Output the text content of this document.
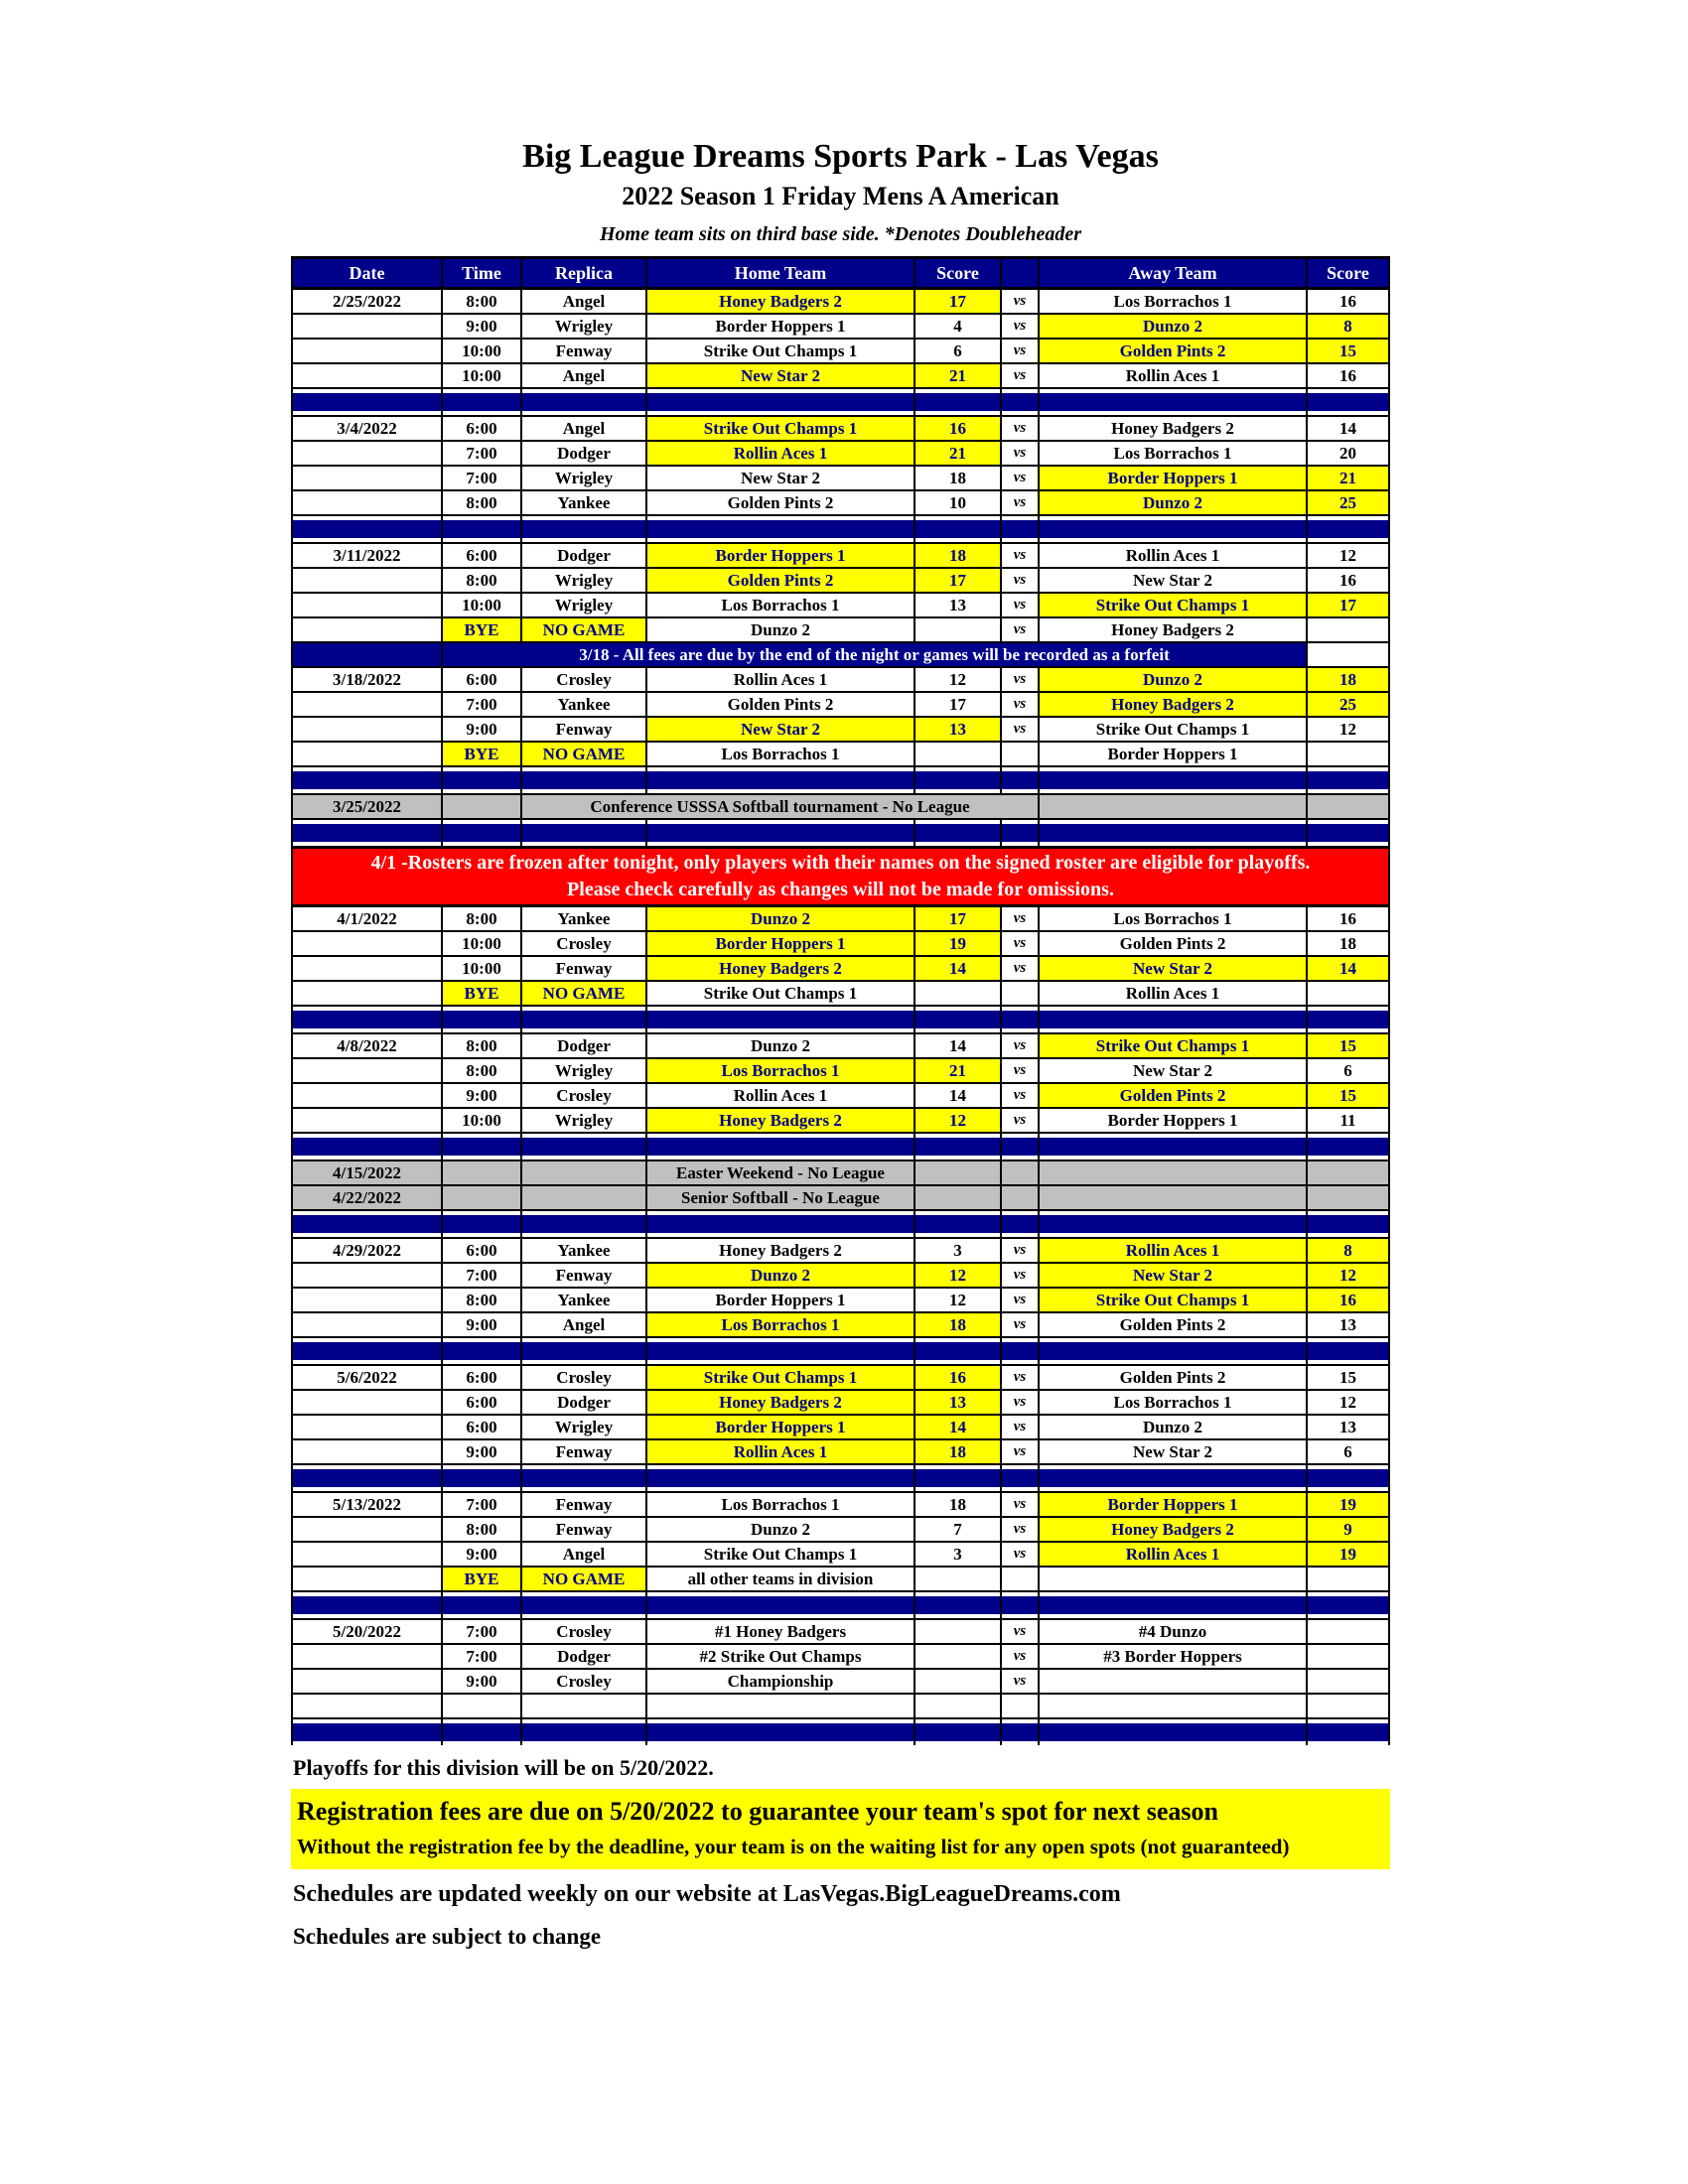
Big League Dreams Sports Park - Las Vegas
2022 Season 1 Friday Mens A American
Home team sits on third base side. *Denotes Doubleheader
Date	Time	Replica	Home Team	Score		Away Team	Score
2/25/2022	8:00	Angel	Honey Badgers 2	17	vs	Los Borrachos 1	16
	9:00	Wrigley	Border Hoppers 1	4	vs	Dunzo 2	8
	10:00	Fenway	Strike Out Champs 1	6	vs	Golden Pints 2	15
	10:00	Angel	New Star 2	21	vs	Rollin Aces 1	16

3/4/2022	6:00	Angel	Strike Out Champs 1	16	vs	Honey Badgers 2	14
	7:00	Dodger	Rollin Aces 1	21	vs	Los Borrachos 1	20
	7:00	Wrigley	New Star 2	18	vs	Border Hoppers 1	21
	8:00	Yankee	Golden Pints 2	10	vs	Dunzo 2	25

3/11/2022	6:00	Dodger	Border Hoppers 1	18	vs	Rollin Aces 1	12
	8:00	Wrigley	Golden Pints 2	17	vs	New Star 2	16
	10:00	Wrigley	Los Borrachos 1	13	vs	Strike Out Champs 1	17
	BYE	NO GAME	Dunzo 2		vs	Honey Badgers 2	
	3/18 - All fees are due by the end of the night or games will be recorded as a forfeit						
3/18/2022	6:00	Crosley	Rollin Aces 1	12	vs	Dunzo 2	18
	7:00	Yankee	Golden Pints 2	17	vs	Honey Badgers 2	25
	9:00	Fenway	New Star 2	13	vs	Strike Out Champs 1	12
	BYE	NO GAME	Los Borrachos 1			Border Hoppers 1	

3/25/2022		Conference USSSA Softball tournament - No League					

4/1 -Rosters are frozen after tonight, only players with their names on the signed roster are eligible for playoffs.
Please check carefully as changes will not be made for omissions.							

4/1/2022	8:00	Yankee	Dunzo 2	17	vs	Los Borrachos 1	16
	10:00	Crosley	Border Hoppers 1	19	vs	Golden Pints 2	18
	10:00	Fenway	Honey Badgers 2	14	vs	New Star 2	14
	BYE	NO GAME	Strike Out Champs 1			Rollin Aces 1	

4/8/2022	8:00	Dodger	Dunzo 2	14	vs	Strike Out Champs 1	15
	8:00	Wrigley	Los Borrachos 1	21	vs	New Star 2	6
	9:00	Crosley	Rollin Aces 1	14	vs	Golden Pints 2	15
	10:00	Wrigley	Honey Badgers 2	12	vs	Border Hoppers 1	11

4/15/2022			Easter Weekend - No League				
4/22/2022			Senior Softball - No League				

4/29/2022	6:00	Yankee	Honey Badgers 2	3	vs	Rollin Aces 1	8
	7:00	Fenway	Dunzo 2	12	vs	New Star 2	12
	8:00	Yankee	Border Hoppers 1	12	vs	Strike Out Champs 1	16
	9:00	Angel	Los Borrachos 1	18	vs	Golden Pints 2	13

5/6/2022	6:00	Crosley	Strike Out Champs 1	16	vs	Golden Pints 2	15
	6:00	Dodger	Honey Badgers 2	13	vs	Los Borrachos 1	12
	6:00	Wrigley	Border Hoppers 1	14	vs	Dunzo 2	13
	9:00	Fenway	Rollin Aces 1	18	vs	New Star 2	6

5/13/2022	7:00	Fenway	Los Borrachos 1	18	vs	Border Hoppers 1	19
	8:00	Fenway	Dunzo 2	7	vs	Honey Badgers 2	9
	9:00	Angel	Strike Out Champs 1	3	vs	Rollin Aces 1	19
	BYE	NO GAME	all other teams in division				

5/20/2022	7:00	Crosley	#1 Honey Badgers		vs	#4 Dunzo	
	7:00	Dodger	#2 Strike Out Champs		vs	#3 Border Hoppers	
	9:00	Crosley	Championship		vs		

Playoffs for this division will be on 5/20/2022.
Registration fees are due on 5/20/2022 to guarantee your team's spot for next season
Without the registration fee by the deadline, your team is on the waiting list for any open spots (not guaranteed)
Schedules are updated weekly on our website at LasVegas.BigLeagueDreams.com
Schedules are subject to change
